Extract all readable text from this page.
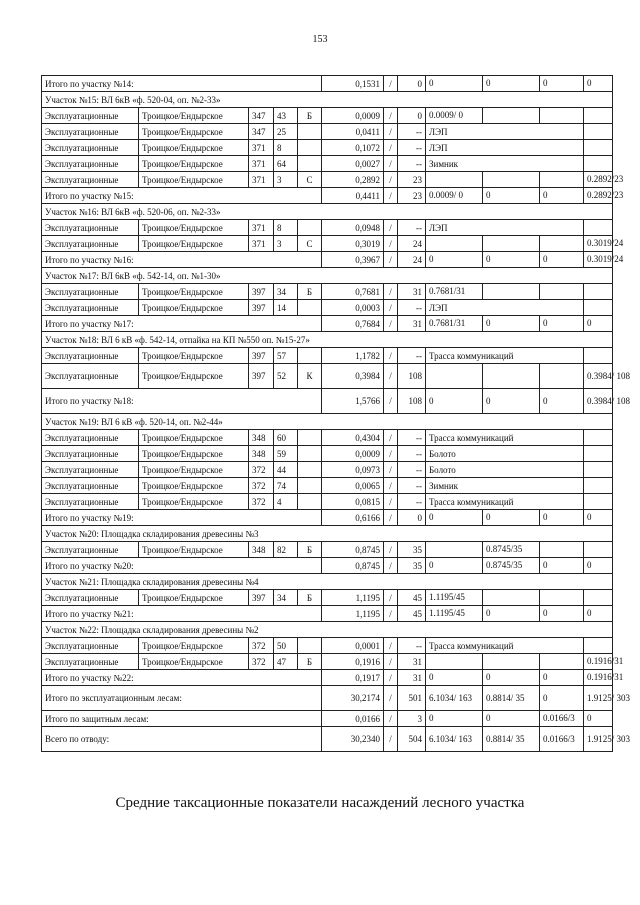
153
Итого по участку №14:					0,1531	/	0	0	0	0	0
Участок №15: ВЛ 6кВ «ф. 520-04, оп. №2-33»											
Эксплуатационные	Троицкое/Ендырское	347	43	Б	0,0009	/	0	0.0009/ 0			
Эксплуатационные	Троицкое/Ендырское	347	25		0,0411	/	--	ЛЭП			
Эксплуатационные	Троицкое/Ендырское	371	8		0,1072	/	--	ЛЭП			
Эксплуатационные	Троицкое/Ендырское	371	64		0,0027	/	--	Зимник			
Эксплуатационные	Троицкое/Ендырское	371	3	С	0,2892	/	23				0.2892/23
Итого по участку №15:					0,4411	/	23	0.0009/ 0	0	0	0.2892/23
Участок №16: ВЛ 6кВ «ф. 520-06, оп. №2-33»											
Эксплуатационные	Троицкое/Ендырское	371	8		0,0948	/	--	ЛЭП			
Эксплуатационные	Троицкое/Ендырское	371	3	С	0,3019	/	24				0.3019/24
Итого по участку №16:					0,3967	/	24	0	0	0	0.3019/24
Участок №17: ВЛ 6кВ «ф. 542-14, оп. №1-30»											
Эксплуатационные	Троицкое/Ендырское	397	34	Б	0,7681	/	31	0.7681/31			
Эксплуатационные	Троицкое/Ендырское	397	14		0,0003	/	--	ЛЭП			
Итого по участку №17:					0,7684	/	31	0.7681/31	0	0	0
Участок №18: ВЛ 6 кВ «ф. 542-14, отпайка на КП №550 оп. №15-27»											
Эксплуатационные	Троицкое/Ендырское	397	57		1,1782	/	--	Трасса коммуникаций			
Эксплуатационные	Троицкое/Ендырское	397	52	К	0,3984	/	108				0.3984/ 108
Итого по участку №18:					1,5766	/	108	0	0	0	0.3984/ 108
Участок №19: ВЛ 6 кВ «ф. 520-14, оп. №2-44»											
Эксплуатационные	Троицкое/Ендырское	348	60		0,4304	/	--	Трасса коммуникаций			
Эксплуатационные	Троицкое/Ендырское	348	59		0,0009	/	--	Болото			
Эксплуатационные	Троицкое/Ендырское	372	44		0,0973	/	--	Болото			
Эксплуатационные	Троицкое/Ендырское	372	74		0,0065	/	--	Зимник			
Эксплуатационные	Троицкое/Ендырское	372	4		0,0815	/	--	Трасса коммуникаций			
Итого по участку №19:					0,6166	/	0	0	0	0	0
Участок №20: Площадка складирования древесины №3											
Эксплуатационные	Троицкое/Ендырское	348	82	Б	0,8745	/	35		0.8745/35		
Итого по участку №20:					0,8745	/	35	0	0.8745/35	0	0
Участок №21: Площадка складирования древесины №4											
Эксплуатационные	Троицкое/Ендырское	397	34	Б	1,1195	/	45	1.1195/45			
Итого по участку №21:					1,1195	/	45	1.1195/45	0	0	0
Участок №22: Площадка складирования древесины №2											
Эксплуатационные	Троицкое/Ендырское	372	50		0,0001	/	--	Трасса коммуникаций			
Эксплуатационные	Троицкое/Ендырское	372	47	Б	0,1916	/	31				0.1916/31
Итого по участку №22:					0,1917	/	31	0	0	0	0.1916/31
Итого по эксплуатационным лесам:					30,2174	/	501	6.1034/ 163	0.8814/ 35	0	1.9125/ 303
Итого по защитным лесам:					0,0166	/	3	0	0	0.0166/3	0
Всего по отводу:					30,2340	/	504	6.1034/ 163	0.8814/ 35	0.0166/3	1.9125/ 303
Средние таксационные показатели насаждений лесного участка
